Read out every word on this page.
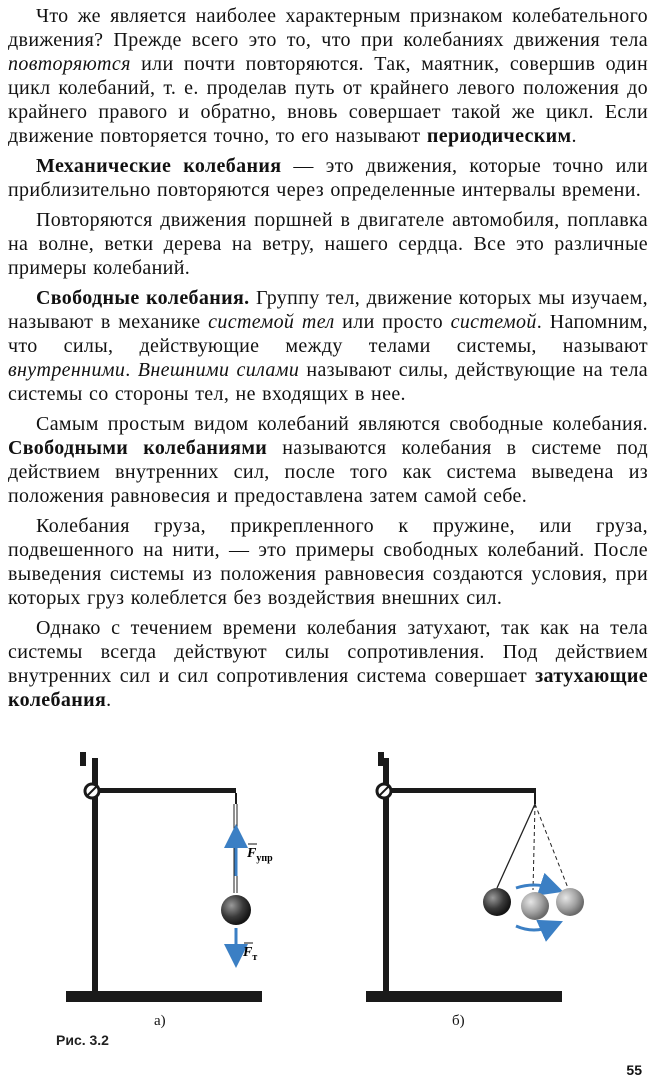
Что же является наиболее характерным признаком колебательного движения? Прежде всего это то, что при колебаниях движения тела повторяются или почти повторяются. Так, маятник, совершив один цикл колебаний, т. е. проделав путь от крайнего левого положения до крайнего правого и обратно, вновь совершает такой же цикл. Если движение повторяется точно, то его называют периодическим.

Механические колебания — это движения, которые точно или приблизительно повторяются через определенные интервалы времени.

Повторяются движения поршней в двигателе автомобиля, поплавка на волне, ветки дерева на ветру, нашего сердца. Все это различные примеры колебаний.

Свободные колебания. Группу тел, движение которых мы изучаем, называют в механике системой тел или просто системой. Напомним, что силы, действующие между телами системы, называют внутренними. Внешними силами называют силы, действующие на тела системы со стороны тел, не входящих в нее.

Самым простым видом колебаний являются свободные колебания. Свободными колебаниями называются колебания в системе под действием внутренних сил, после того как система выведена из положения равновесия и предоставлена затем самой себе.

Колебания груза, прикрепленного к пружине, или груза, подвешенного на нити, — это примеры свободных колебаний. После выведения системы из положения равновесия создаются условия, при которых груз колеблется без воздействия внешних сил.

Однако с течением времени колебания затухают, так как на тела системы всегда действуют силы сопротивления. Под действием внутренних сил и сил сопротивления система совершает затухающие колебания.

$F_{упр}$
$F_т$
а)	б)
Рис. 3.2
55
